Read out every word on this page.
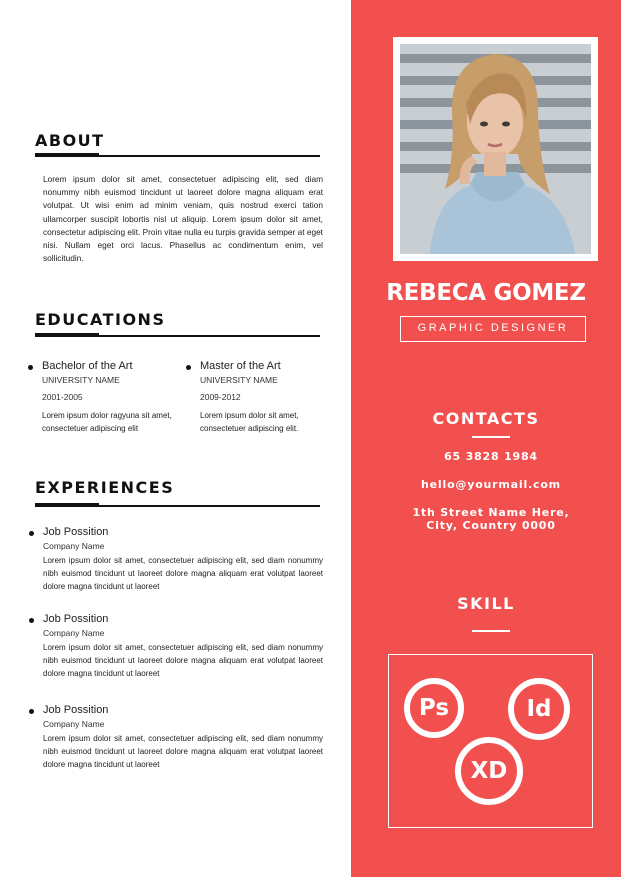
ABOUT

Lorem ipsum dolor sit amet, consectetuer adipiscing elit, sed diam nonummy nibh euismod tincidunt ut laoreet dolore magna aliquam erat volutpat. Ut wisi enim ad minim veniam, quis nostrud exerci tation ullamcorper suscipit lobortis nisl ut aliquip. Lorem ipsum dolor sit amet, consectetur adipiscing elit. Proin vitae nulla eu turpis gravida semper at eget nisi. Nullam eget orci lacus. Phasellus ac condimentum enim, vel sollicitudin.

EDUCATIONS

Bachelor of the Art

UNIVERSITY NAME

2001-2005

Lorem ipsum dolor ragyuna sit amet, consectetuer adipiscing elit

Master of the Art

UNIVERSITY NAME

2009-2012

Lorem ipsum dolor sit amet, consectetuer adipiscing elit.

EXPERIENCES

Job Possition

Company Name

Lorem ipsum dolor sit amet, consectetuer adipiscing elit, sed diam nonummy nibh euismod tincidunt ut laoreet dolore magna aliquam erat volutpat laoreet dolore magna tincidunt ut laoreet

Job Possition

Company Name

Lorem ipsum dolor sit amet, consectetuer adipiscing elit, sed diam nonummy nibh euismod tincidunt ut laoreet dolore magna aliquam erat volutpat laoreet dolore magna tincidunt ut laoreet

Job Possition

Company Name

Lorem ipsum dolor sit amet, consectetuer adipiscing elit, sed diam nonummy nibh euismod tincidunt ut laoreet dolore magna aliquam erat volutpat laoreet dolore magna tincidunt ut laoreet

REBECA GOMEZ
GRAPHIC DESIGNER
CONTACTS

65 3828 1984

hello@yourmail.com

1th Street Name Here,

City, Country 0000

SKILL
Ps	Id
XD
